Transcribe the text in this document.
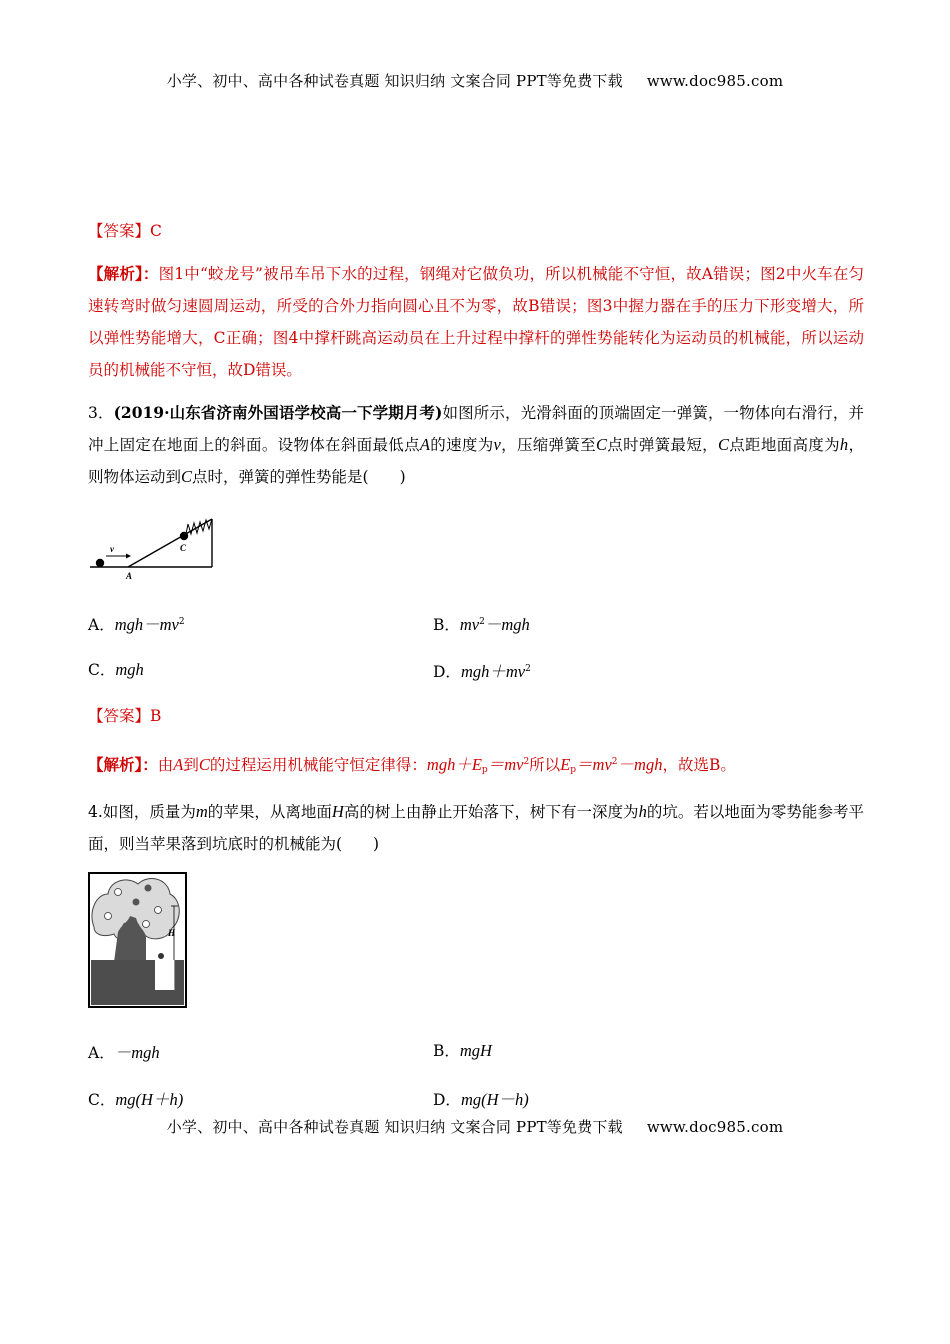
小学、初中、高中各种试卷真题 知识归纳 文案合同 PPT等免费下载 www.doc985.com
【答案】C
【解析】：图1中“蛟龙号”被吊车吊下水的过程，钢绳对它做负功，所以机械能不守恒，故A错误；图2中火车在匀速转弯时做匀速圆周运动，所受的合外力指向圆心且不为零，故B错误；图3中握力器在手的压力下形变增大，所以弹性势能增大，C正确；图4中撑杆跳高运动员在上升过程中撑杆的弹性势能转化为运动员的机械能，所以运动员的机械能不守恒，故D错误。
3．(2019·山东省济南外国语学校高一下学期月考)如图所示，光滑斜面的顶端固定一弹簧，一物体向右滑行，并冲上固定在地面上的斜面。设物体在斜面最低点A的速度为v，压缩弹簧至C点时弹簧最短，C点距地面高度为h，则物体运动到C点时，弹簧的弹性势能是(　　)
v
A
C
A．$mgh-mv^2$	B．$mv^2-mgh$
C．mgh	D．$mgh+mv^2$
【答案】B
【解析】：由A到C的过程运用机械能守恒定律得：$mgh+E_p=mv^2$所以$E_p=mv^2-mgh$，故选B。
4.如图，质量为m的苹果，从离地面H高的树上由静止开始落下，树下有一深度为h的坑。若以地面为零势能参考平面，则当苹果落到坑底时的机械能为(　　)
H
h
A．－mgh	B．mgH
C．mg(H＋h)	D．mg(H－h)
小学、初中、高中各种试卷真题 知识归纳 文案合同 PPT等免费下载 www.doc985.com
